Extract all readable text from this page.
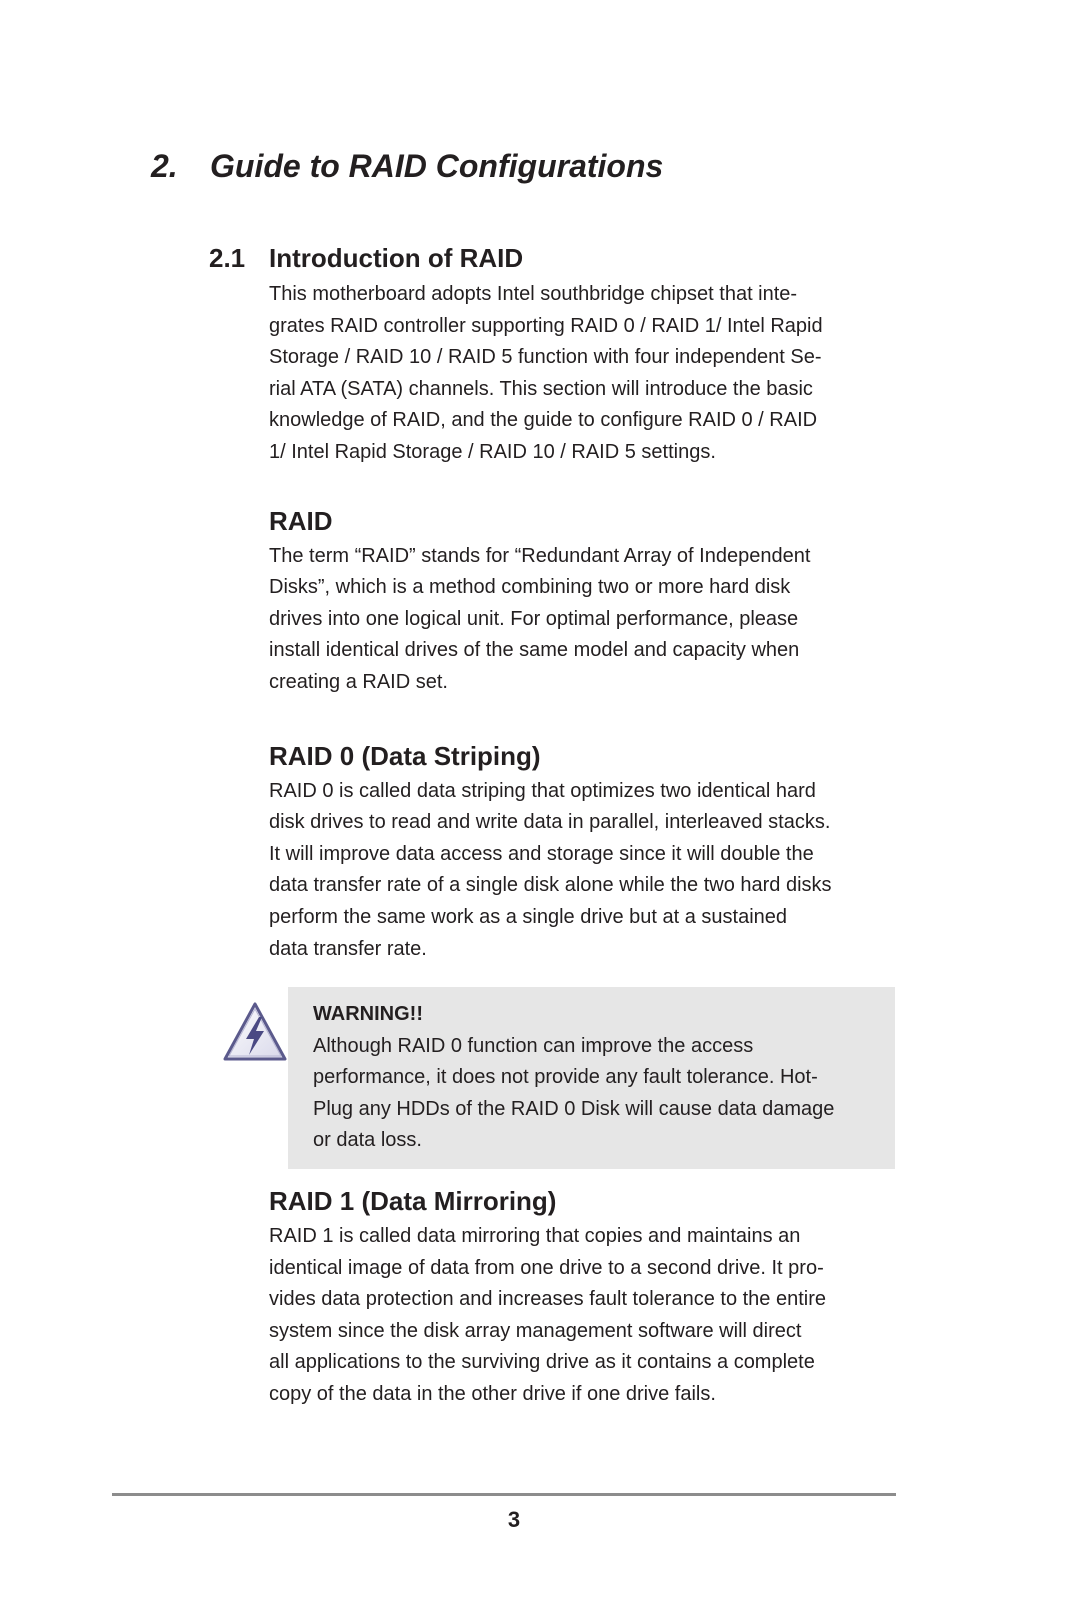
2. Guide to RAID Configurations
2.1 Introduction of RAID

This motherboard adopts Intel southbridge chipset that inte-
grates RAID controller supporting RAID 0 / RAID 1/ Intel Rapid
Storage / RAID 10 / RAID 5 function with four independent Se-
rial ATA (SATA) channels. This section will introduce the basic
knowledge of RAID, and the guide to configure RAID 0 / RAID
1/ Intel Rapid Storage / RAID 10 / RAID 5 settings.

RAID

The term “RAID” stands for “Redundant Array of Independent
Disks”, which is a method combining two or more hard disk
drives into one logical unit. For optimal performance, please
install identical drives of the same model and capacity when
creating a RAID set.

RAID 0 (Data Striping)

RAID 0 is called data striping that optimizes two identical hard
disk drives to read and write data in parallel, interleaved stacks.
It will improve data access and storage since it will double the
data transfer rate of a single disk alone while the two hard disks
perform the same work as a single drive but at a sustained
data transfer rate.

WARNING!!

Although RAID 0 function can improve the access performance, it does not provide any fault tolerance. Hot-Plug any HDDs of the RAID 0 Disk will cause data damage or data loss.

RAID 1 (Data Mirroring)

RAID 1 is called data mirroring that copies and maintains an
identical image of data from one drive to a second drive. It pro-
vides data protection and increases fault tolerance to the entire
system since the disk array management software will direct
all applications to the surviving drive as it contains a complete
copy of the data in the other drive if one drive fails.

3
